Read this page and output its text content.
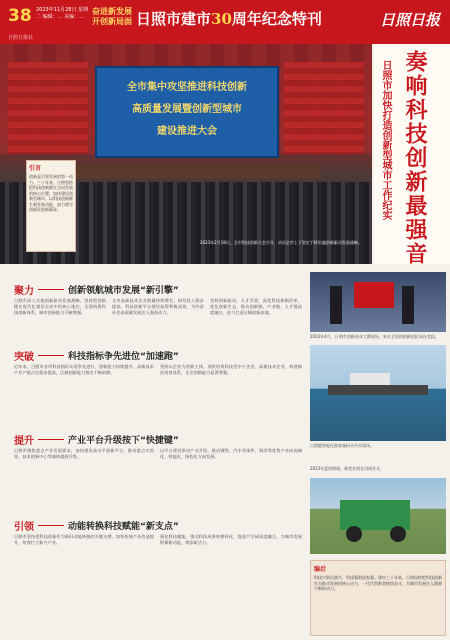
38 2023年11月28日 星期二 编辑：… 美编：…
奋进新发展 开创新局面 日照市建市30周年纪念特刊	日照日报
日照日报社
全市集中攻坚推进科技创新
高质量发展暨创新型城市
建设推进大会
2023年2月18日，全市科技创新大会召开，动员全市上下坚定不移实施创新驱动发展战略。	奏响科技创新最强音
日照市加快打造创新型城市工作纪实
引言

创新是引领发展的第一动力。三十年来，日照坚持把科技创新摆在全局发展的核心位置，加快建设创新型城市，以科技创新催生新发展动能，奋力谱写创新发展新篇章。

聚力	创新领航城市发展“新引擎”
日照市深入实施创新驱动发展战略，坚持把创新摆在现代化建设全局中的核心地位，全面构建科技创新体系，城市创新能力不断增强。
全市高新技术企业数量持续增长，研发投入稳步提高，科技创新平台建设取得积极成效，为经济社会高质量发展注入强劲动力。
坚持创新驱动、人才引领，深化科技体制改革，优化创新生态，推动创新链、产业链、人才链深度融合，奋力打造区域创新高地。
2023年4月，日照市创新创业大赛现场，来自全国的创新团队同台竞技。
突破	科技指标争先进位“加速跑”
近年来，日照市各项科技指标实现争先进位，创新能力持续提升，高新技术产业产值占比稳步提高，区域创新能力排名不断前移。
坚持以企业为创新主体，加快培育科技型中小企业、高新技术企业，构建梯次培育体系，企业创新能力显著增强。
日照港智能化集装箱码头作业现场。
提升	产业平台升级按下“快捷键”
日照市聚焦重点产业发展需求，加快建设高水平创新平台，推动重点实验室、技术创新中心等载体提质升级。
以平台建设带动产业升级，推动钢铁、汽车零部件、海洋等优势产业向高端化、智能化、绿色化方向发展。
2023年夏收期间，新型农机在田间作业。
引领	动能转换科技赋能“新支点”
日照市坚持把科技创新作为新旧动能转换的关键支撑，加快传统产业改造提升，培育壮大新兴产业。
强化科技赋能，推动科技成果转移转化，促进产学研深度融合，为城市发展积蓄新动能、增添新活力。
编后

科技兴则民族兴，科技强则国家强。建市三十年来，日照始终把科技创新作为推动发展的核心动力，一代代创新者接续奋斗，为城市发展注入源源不断的动力。
